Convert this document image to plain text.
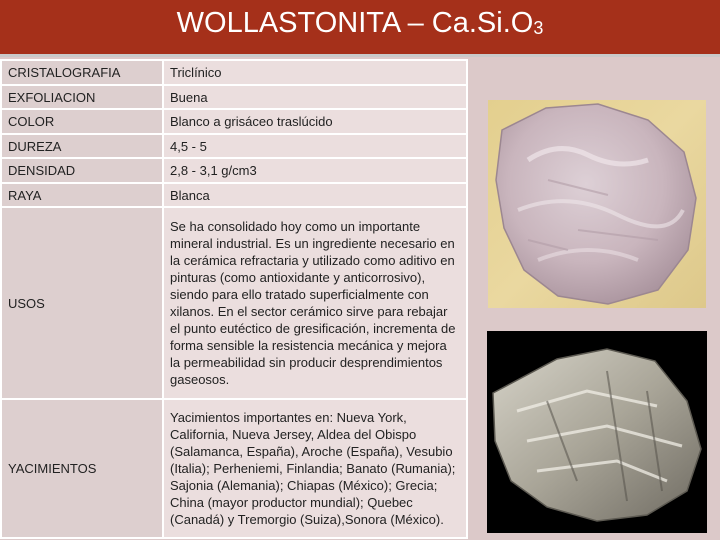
WOLLASTONITA – $Ca.Si.O_3$
CRISTALOGRAFIA	Triclínico
EXFOLIACION	Buena
COLOR	Blanco a grisáceo traslúcido
DUREZA	4,5 - 5
DENSIDAD	2,8 - 3,1 g/cm3
RAYA	Blanca
USOS	Se ha consolidado hoy como un importante mineral industrial. Es un ingrediente necesario en la cerámica refractaria y utilizado como aditivo en pinturas (como antioxidante y anticorrosivo), siendo para ello tratado superficialmente con xilanos. En el sector cerámico sirve para rebajar el punto eutéctico de gresificación, incrementa de forma sensible la resistencia mecánica y mejora la permeabilidad sin producir desprendimientos gaseosos.
YACIMIENTOS	Yacimientos importantes en: Nueva York, California, Nueva Jersey, Aldea del Obispo (Salamanca, España), Aroche (España), Vesubio (Italia); Perheniemi, Finlandia; Banato (Rumania); Sajonia (Alemania); Chiapas (México); Grecia; China (mayor productor mundial); Quebec (Canadá) y Tremorgio (Suiza),Sonora (México).
